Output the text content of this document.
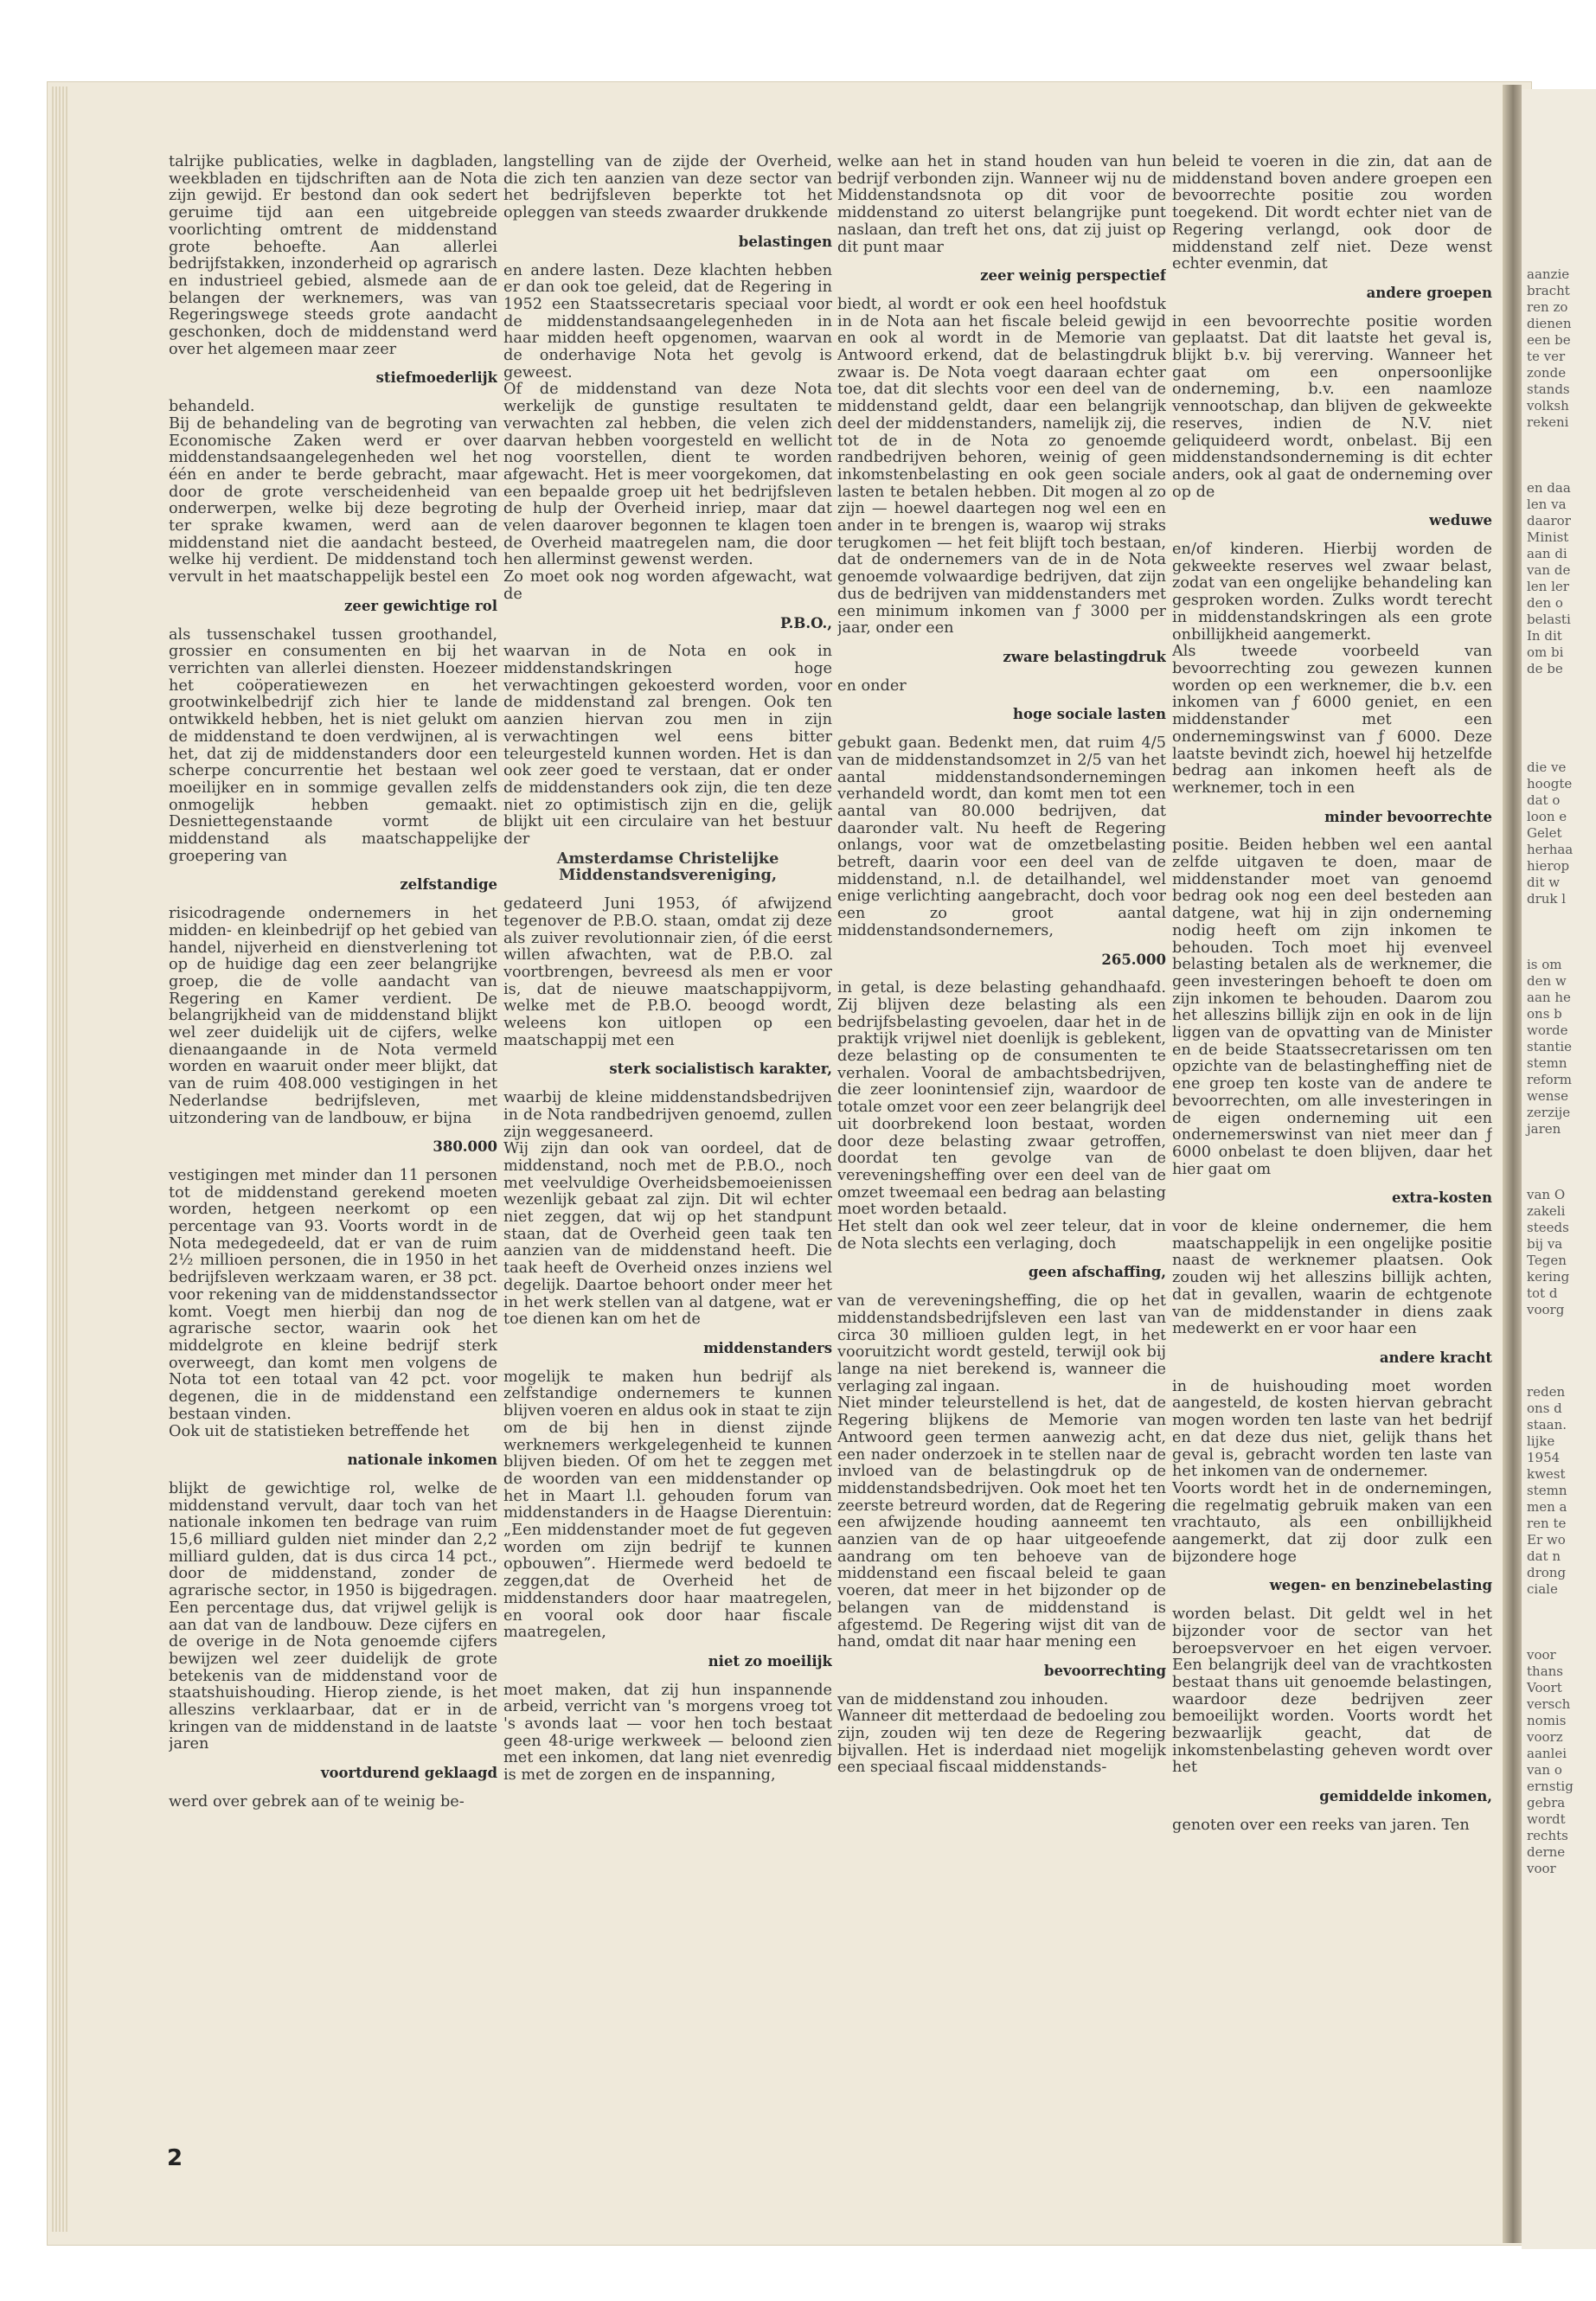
talrijke publicaties, welke in dagbladen, weekbladen en tijdschriften aan de Nota zijn gewijd. Er bestond dan ook sedert geruime tijd aan een uitgebreide voorlichting omtrent de middenstand grote behoefte. Aan allerlei bedrijfstakken, inzonderheid op agrarisch en industrieel gebied, alsmede aan de belangen der werknemers, was van Regeringswege steeds grote aandacht geschonken, doch de middenstand werd over het algemeen maar zeer

stiefmoederlijk

behandeld.

Bij de behandeling van de begroting van Economische Zaken werd er over middenstandsaangelegenheden wel het één en ander te berde gebracht, maar door de grote verscheidenheid van onderwerpen, welke bij deze begroting ter sprake kwamen, werd aan de middenstand niet die aandacht besteed, welke hij verdient. De middenstand toch vervult in het maatschappelijk bestel een

zeer gewichtige rol

als tussenschakel tussen groothandel, grossier en consumenten en bij het verrichten van allerlei diensten. Hoezeer het coöperatiewezen en het grootwinkelbedrijf zich hier te lande ontwikkeld hebben, het is niet gelukt om de middenstand te doen verdwijnen, al is het, dat zij de middenstanders door een scherpe concurrentie het bestaan wel moeilijker en in sommige gevallen zelfs onmogelijk hebben gemaakt. Desniettegenstaande vormt de middenstand als maatschappelijke groepering van

zelfstandige

risicodragende ondernemers in het midden- en kleinbedrijf op het gebied van handel, nijverheid en dienstverlening tot op de huidige dag een zeer belangrijke groep, die de volle aandacht van Regering en Kamer verdient. De belangrijkheid van de middenstand blijkt wel zeer duidelijk uit de cijfers, welke dienaangaande in de Nota vermeld worden en waaruit onder meer blijkt, dat van de ruim 408.000 vestigingen in het Nederlandse bedrijfsleven, met uitzondering van de landbouw, er bijna

380.000

vestigingen met minder dan 11 personen tot de middenstand gerekend moeten worden, hetgeen neerkomt op een percentage van 93. Voorts wordt in de Nota medegedeeld, dat er van de ruim 2½ millioen personen, die in 1950 in het bedrijfsleven werkzaam waren, er 38 pct. voor rekening van de middenstandssector komt. Voegt men hierbij dan nog de agrarische sector, waarin ook het middelgrote en kleine bedrijf sterk overweegt, dan komt men volgens de Nota tot een totaal van 42 pct. voor degenen, die in de middenstand een bestaan vinden.

Ook uit de statistieken betreffende het

nationale inkomen

blijkt de gewichtige rol, welke de middenstand vervult, daar toch van het nationale inkomen ten bedrage van ruim 15,6 milliard gulden niet minder dan 2,2 milliard gulden, dat is dus circa 14 pct., door de middenstand, zonder de agrarische sector, in 1950 is bijgedragen. Een percentage dus, dat vrijwel gelijk is aan dat van de landbouw. Deze cijfers en de overige in de Nota genoemde cijfers bewijzen wel zeer duidelijk de grote betekenis van de middenstand voor de staatshuishouding. Hierop ziende, is het alleszins verklaarbaar, dat er in de kringen van de middenstand in de laatste jaren

voortdurend geklaagd

werd over gebrek aan of te weinig be-

langstelling van de zijde der Overheid, die zich ten aanzien van deze sector van het bedrijfsleven beperkte tot het opleggen van steeds zwaarder drukkende

belastingen

en andere lasten. Deze klachten hebben er dan ook toe geleid, dat de Regering in 1952 een Staatssecretaris speciaal voor de middenstandsaangelegenheden in haar midden heeft opgenomen, waarvan de onderhavige Nota het gevolg is geweest.

Of de middenstand van deze Nota werkelijk de gunstige resultaten te verwachten zal hebben, die velen zich daarvan hebben voorgesteld en wellicht nog voorstellen, dient te worden afgewacht. Het is meer voorgekomen, dat een bepaalde groep uit het bedrijfsleven de hulp der Overheid inriep, maar dat velen daarover begonnen te klagen toen de Overheid maatregelen nam, die door hen allerminst gewenst werden.

Zo moet ook nog worden afgewacht, wat de

P.B.O.,

waarvan in de Nota en ook in middenstandskringen hoge verwachtingen gekoesterd worden, voor de middenstand zal brengen. Ook ten aanzien hiervan zou men in zijn verwachtingen wel eens bitter teleurgesteld kunnen worden. Het is dan ook zeer goed te verstaan, dat er onder de middenstanders ook zijn, die ten deze niet zo optimistisch zijn en die, gelijk blijkt uit een circulaire van het bestuur der

Amsterdamse Christelijke Middenstandsvereniging,

gedateerd Juni 1953, óf afwijzend tegenover de P.B.O. staan, omdat zij deze als zuiver revolutionnair zien, óf die eerst willen afwachten, wat de P.B.O. zal voortbrengen, bevreesd als men er voor is, dat de nieuwe maatschappijvorm, welke met de P.B.O. beoogd wordt, weleens kon uitlopen op een maatschappij met een

sterk socialistisch karakter,

waarbij de kleine middenstandsbedrijven in de Nota randbedrijven genoemd, zullen zijn weggesaneerd.

Wij zijn dan ook van oordeel, dat de middenstand, noch met de P.B.O., noch met veelvuldige Overheidsbemoeienissen wezenlijk gebaat zal zijn. Dit wil echter niet zeggen, dat wij op het standpunt staan, dat de Overheid geen taak ten aanzien van de middenstand heeft. Die taak heeft de Overheid onzes inziens wel degelijk. Daartoe behoort onder meer het in het werk stellen van al datgene, wat er toe dienen kan om het de

middenstanders

mogelijk te maken hun bedrijf als zelfstandige ondernemers te kunnen blijven voeren en aldus ook in staat te zijn om de bij hen in dienst zijnde werknemers werkgelegenheid te kunnen blijven bieden. Of om het te zeggen met de woorden van een middenstander op het in Maart l.l. gehouden forum van middenstanders in de Haagse Dierentuin: „Een middenstander moet de fut gegeven worden om zijn bedrijf te kunnen opbouwen”. Hiermede werd bedoeld te zeggen,dat de Overheid het de middenstanders door haar maatregelen, en vooral ook door haar fiscale maatregelen,

niet zo moeilijk

moet maken, dat zij hun inspannende arbeid, verricht van 's morgens vroeg tot 's avonds laat — voor hen toch bestaat geen 48-urige werkweek — beloond zien met een inkomen, dat lang niet evenredig is met de zorgen en de inspanning,

welke aan het in stand houden van hun bedrijf verbonden zijn. Wanneer wij nu de Middenstandsnota op dit voor de middenstand zo uiterst belangrijke punt naslaan, dan treft het ons, dat zij juist op dit punt maar

zeer weinig perspectief

biedt, al wordt er ook een heel hoofdstuk in de Nota aan het fiscale beleid gewijd en ook al wordt in de Memorie van Antwoord erkend, dat de belastingdruk zwaar is. De Nota voegt daaraan echter toe, dat dit slechts voor een deel van de middenstand geldt, daar een belangrijk deel der middenstanders, namelijk zij, die tot de in de Nota zo genoemde randbedrijven behoren, weinig of geen inkomstenbelasting en ook geen sociale lasten te betalen hebben. Dit mogen al zo zijn — hoewel daartegen nog wel een en ander in te brengen is, waarop wij straks terugkomen — het feit blijft toch bestaan, dat de ondernemers van de in de Nota genoemde volwaardige bedrijven, dat zijn dus de bedrijven van middenstanders met een minimum inkomen van ƒ 3000 per jaar, onder een

zware belastingdruk

en onder

hoge sociale lasten

gebukt gaan. Bedenkt men, dat ruim 4/5 van de middenstandsomzet in 2/5 van het aantal middenstandsondernemingen verhandeld wordt, dan komt men tot een aantal van 80.000 bedrijven, dat daaronder valt. Nu heeft de Regering onlangs, voor wat de omzetbelasting betreft, daarin voor een deel van de middenstand, n.l. de detailhandel, wel enige verlichting aangebracht, doch voor een zo groot aantal middenstandsondernemers,

265.000

in getal, is deze belasting gehandhaafd. Zij blijven deze belasting als een bedrijfsbelasting gevoelen, daar het in de praktijk vrijwel niet doenlijk is geblekent, deze belasting op de consumenten te verhalen. Vooral de ambachtsbedrijven, die zeer loonintensief zijn, waardoor de totale omzet voor een zeer belangrijk deel uit doorbrekend loon bestaat, worden door deze belasting zwaar getroffen, doordat ten gevolge van de vereveningsheffing over een deel van de omzet tweemaal een bedrag aan belasting moet worden betaald.

Het stelt dan ook wel zeer teleur, dat in de Nota slechts een verlaging, doch

geen afschaffing,

van de vereveningsheffing, die op het middenstandsbedrijfsleven een last van circa 30 millioen gulden legt, in het vooruitzicht wordt gesteld, terwijl ook bij lange na niet berekend is, wanneer die verlaging zal ingaan.

Niet minder teleurstellend is het, dat de Regering blijkens de Memorie van Antwoord geen termen aanwezig acht, een nader onderzoek in te stellen naar de invloed van de belastingdruk op de middenstandsbedrijven. Ook moet het ten zeerste betreurd worden, dat de Regering een afwijzende houding aanneemt ten aanzien van de op haar uitgeoefende aandrang om ten behoeve van de middenstand een fiscaal beleid te gaan voeren, dat meer in het bijzonder op de belangen van de middenstand is afgestemd. De Regering wijst dit van de hand, omdat dit naar haar mening een

bevoorrechting

van de middenstand zou inhouden.

Wanneer dit metterdaad de bedoeling zou zijn, zouden wij ten deze de Regering bijvallen. Het is inderdaad niet mogelijk een speciaal fiscaal middenstands-

beleid te voeren in die zin, dat aan de middenstand boven andere groepen een bevoorrechte positie zou worden toegekend. Dit wordt echter niet van de Regering verlangd, ook door de middenstand zelf niet. Deze wenst echter evenmin, dat

andere groepen

in een bevoorrechte positie worden geplaatst. Dat dit laatste het geval is, blijkt b.v. bij vererving. Wanneer het gaat om een onpersoonlijke onderneming, b.v. een naamloze vennootschap, dan blijven de gekweekte reserves, indien de N.V. niet geliquideerd wordt, onbelast. Bij een middenstandsonderneming is dit echter anders, ook al gaat de onderneming over op de

weduwe

en/of kinderen. Hierbij worden de gekweekte reserves wel zwaar belast, zodat van een ongelijke behandeling kan gesproken worden. Zulks wordt terecht in middenstandskringen als een grote onbillijkheid aangemerkt.

Als tweede voorbeeld van bevoorrechting zou gewezen kunnen worden op een werknemer, die b.v. een inkomen van ƒ 6000 geniet, en een middenstander met een ondernemingswinst van ƒ 6000. Deze laatste bevindt zich, hoewel hij hetzelfde bedrag aan inkomen heeft als de werknemer, toch in een

minder bevoorrechte

positie. Beiden hebben wel een aantal zelfde uitgaven te doen, maar de middenstander moet van genoemd bedrag ook nog een deel besteden aan datgene, wat hij in zijn onderneming nodig heeft om zijn inkomen te behouden. Toch moet hij evenveel belasting betalen als de werknemer, die geen investeringen behoeft te doen om zijn inkomen te behouden. Daarom zou het alleszins billijk zijn en ook in de lijn liggen van de opvatting van de Minister en de beide Staatssecretarissen om ten opzichte van de belastingheffing niet de ene groep ten koste van de andere te bevoorrechten, om alle investeringen in de eigen onderneming uit een ondernemerswinst van niet meer dan ƒ 6000 onbelast te doen blijven, daar het hier gaat om

extra-kosten

voor de kleine ondernemer, die hem maatschappelijk in een ongelijke positie naast de werknemer plaatsen. Ook zouden wij het alleszins billijk achten, dat in gevallen, waarin de echtgenote van de middenstander in diens zaak medewerkt en er voor haar een

andere kracht

in de huishouding moet worden aangesteld, de kosten hiervan gebracht mogen worden ten laste van het bedrijf en dat deze dus niet, gelijk thans het geval is, gebracht worden ten laste van het inkomen van de ondernemer.

Voorts wordt het in de ondernemingen, die regelmatig gebruik maken van een vrachtauto, als een onbillijkheid aangemerkt, dat zij door zulk een bijzondere hoge

wegen- en benzinebelasting

worden belast. Dit geldt wel in het bijzonder voor de sector van het beroepsvervoer en het eigen vervoer. Een belangrijk deel van de vrachtkosten bestaat thans uit genoemde belastingen, waardoor deze bedrijven zeer bemoeilijkt worden. Voorts wordt het bezwaarlijk geacht, dat de inkomstenbelasting geheven wordt over het

gemiddelde inkomen,

genoten over een reeks van jaren. Ten

aanzie
bracht
ren zo
dienen
een be
te ver
zonde
stands
volksh
rekeni

en daa
len va
daaror
Minist
aan di
van de
len ler
den o
belasti
In dit
om bi
de be

die ve
hoogte
dat o
loon e
Gelet
herhaa
hierop
dit w
druk l

is om
den w
aan he
ons b
worde
stantie
stemn
reform
wense
zerzije
jaren

van O
zakeli
steeds
bij va
Tegen
kering
tot d
voorg

reden
ons d
staan.
lijke
1954
kwest
stemn
men a
ren te
Er wo
dat n
drong
ciale

voor
thans
Voort
versch
nomis
voorz
aanlei
van o
ernstig
gebra
wordt
rechts
derne
voor
2
